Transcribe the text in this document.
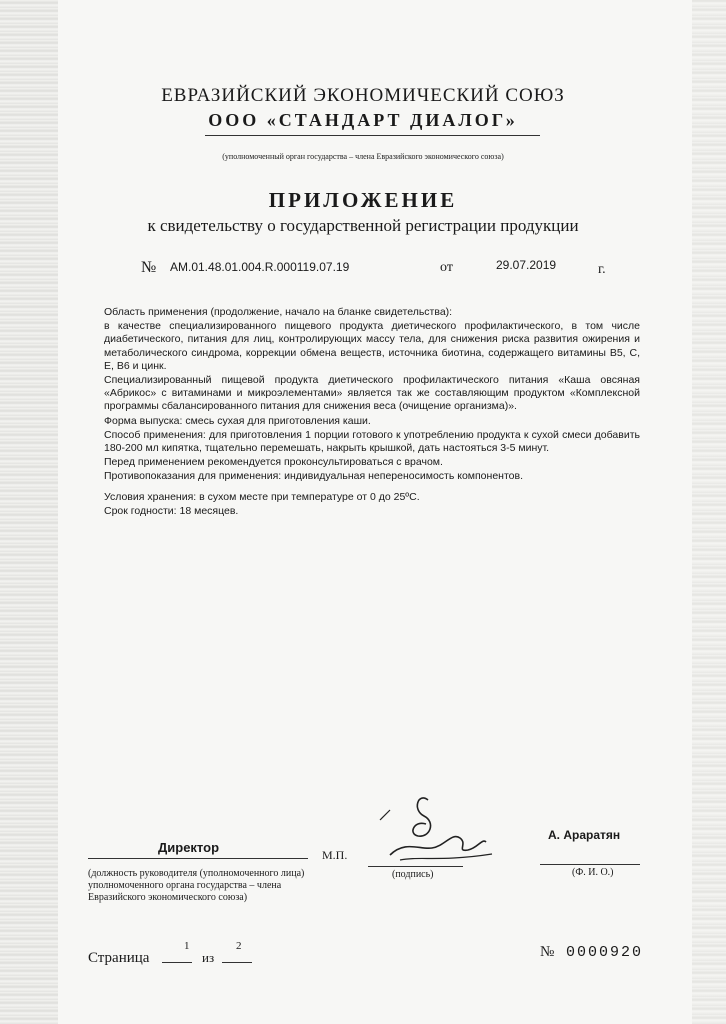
ЕВРАЗИЙСКИЙ ЭКОНОМИЧЕСКИЙ СОЮЗ
ООО «СТАНДАРТ ДИАЛОГ»
(уполномоченный орган государства – члена Евразийского экономического союза)
ПРИЛОЖЕНИЕ
к свидетельству о государственной регистрации продукции
№ AM.01.48.01.004.R.000119.07.19	от	29.07.2019	г.

Область применения (продолжение, начало на бланке свидетельства):

в качестве специализированного пищевого продукта диетического профилактического, в том числе диабетического, питания для лиц, контролирующих массу тела, для снижения риска развития ожирения и метаболического синдрома, коррекции обмена веществ, источника биотина, содержащего витамины В5, С, Е, В6 и цинк.

Специализированный пищевой продукта диетического профилактического питания «Каша овсяная «Абрикос» с витаминами и микроэлементами» является так же составляющим продуктом «Комплексной программы сбалансированного питания для снижения веса (очищение организма)».

Форма выпуска: смесь сухая для приготовления каши.

Способ применения: для приготовления 1 порции готового к употреблению продукта к сухой смеси добавить 180-200 мл кипятка, тщательно перемешать, накрыть крышкой, дать настояться 3-5 минут.

Перед применением рекомендуется проконсультироваться с врачом.

Противопоказания для применения: индивидуальная непереносимость компонентов.

Условия хранения: в сухом месте при температуре от 0 до 25ºС.

Срок годности: 18 месяцев.

Директор
(должность руководителя (уполномоченного лица) уполномоченного органа государства – члена Евразийского экономического союза)
М.П.
(подпись)
А. Араратян
(Ф. И. О.)
Страница
1
из
2	№ 0000920
